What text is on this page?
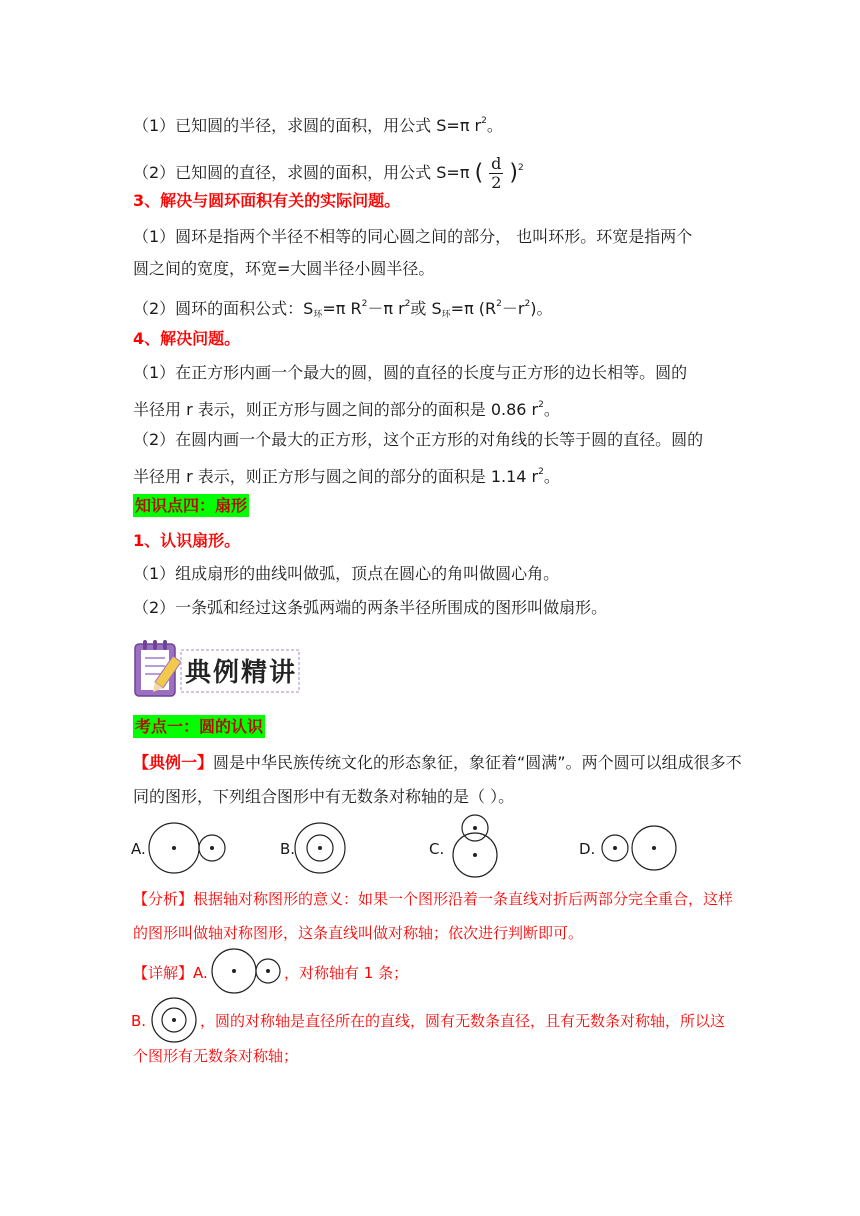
（1）已知圆的半径，求圆的面积，用公式 S=π $r^2$。
（2）已知圆的直径，求圆的面积，用公式 S=π ( $\frac{d}{2} )^2$
3、解决与圆环面积有关的实际问题。
（1）圆环是指两个半径不相等的同心圆之间的部分， 也叫环形。环宽是指两个
圆之间的宽度，环宽=大圆半径小圆半径。
（2）圆环的面积公式：$S_环=\pi$ $R^2-\pi$ $r^2$或 $S_环=\pi$ $(R^2-r^2)$。
4、解决问题。
（1）在正方形内画一个最大的圆，圆的直径的长度与正方形的边长相等。圆的
半径用 r 表示，则正方形与圆之间的部分的面积是 0.86 $r^2$。
（2）在圆内画一个最大的正方形，这个正方形的对角线的长等于圆的直径。圆的
半径用 r 表示，则正方形与圆之间的部分的面积是 1.14 $r^2$。
知识点四：扇形
1、认识扇形。
（1）组成扇形的曲线叫做弧，顶点在圆心的角叫做圆心角。
（2）一条弧和经过这条弧两端的两条半径所围成的图形叫做扇形。
典例精讲
考点一：圆的认识
【典例一】圆是中华民族传统文化的形态象征，象征着“圆满”。两个圆可以组成很多不
同的图形，下列组合图形中有无数条对称轴的是（ ）。
A.	B.	C.	D.
【分析】根据轴对称图形的意义：如果一个图形沿着一条直线对折后两部分完全重合，这样
的图形叫做轴对称图形，这条直线叫做对称轴；依次进行判断即可。
【详解】A.	，对称轴有 1 条；
B.	，圆的对称轴是直径所在的直线，圆有无数条直径，且有无数条对称轴，所以这
个图形有无数条对称轴；
